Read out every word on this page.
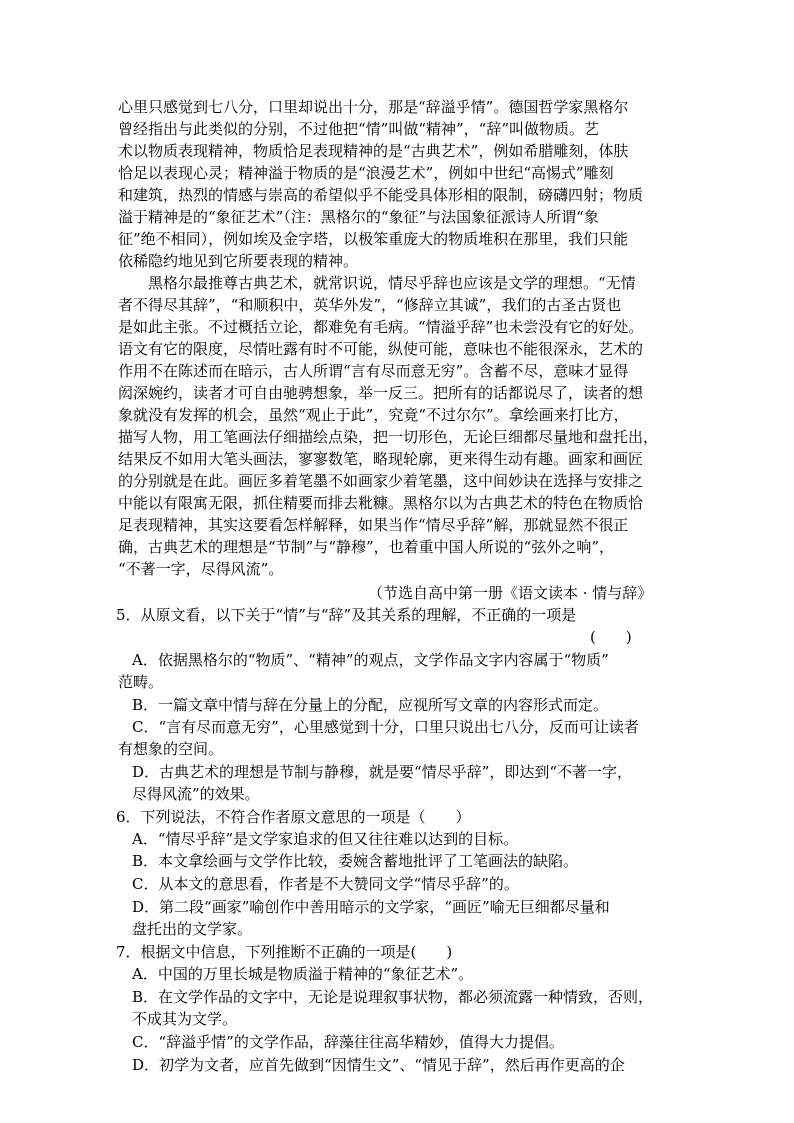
心里只感觉到七八分，口里却说出十分，那是“辞溢乎情”。德国哲学家黑格尔
曾经指出与此类似的分别，不过他把“情”叫做“精神”，“辞”叫做物质。艺
术以物质表现精神，物质恰足表现精神的是“古典艺术”，例如希腊雕刻，体肤
恰足以表现心灵；精神溢于物质的是“浪漫艺术”，例如中世纪“高惕式”雕刻
和建筑，热烈的情感与崇高的希望似乎不能受具体形相的限制，磅礴四射；物质
溢于精神是的“象征艺术”（注：黑格尔的“象征”与法国象征派诗人所谓“象
征”绝不相同），例如埃及金字塔，以极笨重庞大的物质堆积在那里，我们只能
依稀隐约地见到它所要表现的精神。
　　黑格尔最推尊古典艺术，就常识说，情尽乎辞也应该是文学的理想。“无情
者不得尽其辞”，“和顺积中，英华外发”，“修辞立其诚”，我们的古圣古贤也
是如此主张。不过概括立论，都难免有毛病。“情溢乎辞”也未尝没有它的好处。
语文有它的限度，尽情吐露有时不可能，纵使可能，意味也不能很深永，艺术的
作用不在陈述而在暗示，古人所谓“言有尽而意无穷”。含蓄不尽，意味才显得
闳深婉约，读者才可自由驰骋想象，举一反三。把所有的话都说尽了，读者的想
象就没有发挥的机会，虽然“观止于此”，究竟“不过尔尔”。拿绘画来打比方，
描写人物，用工笔画法仔细描绘点染，把一切形色，无论巨细都尽量地和盘托出，
结果反不如用大笔头画法，寥寥数笔，略现轮廓，更来得生动有趣。画家和画匠
的分别就是在此。画匠多着笔墨不如画家少着笔墨，这中间妙诀在选择与安排之
中能以有限寓无限，抓住精要而排去粃糠。黑格尔以为古典艺术的特色在物质恰
足表现精神，其实这要看怎样解释，如果当作“情尽乎辞”解，那就显然不很正
确，古典艺术的理想是“节制”与“静穆”，也着重中国人所说的“弦外之响”，
“不著一字，尽得风流”。
（节选自高中第一册《语文读本 · 情与辞》
5．从原文看，以下关于“情”与“辞”及其关系的理解，不正确的一项是
(　　)
A．依据黑格尔的“物质”、“精神”的观点，文学作品文字内容属于“物质”
范畴。
B．一篇文章中情与辞在分量上的分配，应视所写文章的内容形式而定。
C．“言有尽而意无穷”，心里感觉到十分，口里只说出七八分，反而可让读者
有想象的空间。
D．古典艺术的理想是节制与静穆，就是要“情尽乎辞”，即达到“不著一字，
尽得风流”的效果。
6．下列说法，不符合作者原文意思的一项是（　　）
A．“情尽乎辞”是文学家追求的但又往往难以达到的目标。
B．本文拿绘画与文学作比较，委婉含蓄地批评了工笔画法的缺陷。
C．从本文的意思看，作者是不大赞同文学“情尽乎辞”的。
D．第二段“画家”喻创作中善用暗示的文学家，“画匠”喻无巨细都尽量和
盘托出的文学家。
7．根据文中信息，下列推断不正确的一项是(　　)
A．中国的万里长城是物质溢于精神的“象征艺术”。
B．在文学作品的文字中，无论是说理叙事状物，都必须流露一种情致，否则，
不成其为文学。
C．“辞溢乎情”的文学作品，辞藻往往高华精妙，值得大力提倡。
D．初学为文者，应首先做到“因情生文”、“情见于辞”，然后再作更高的企
